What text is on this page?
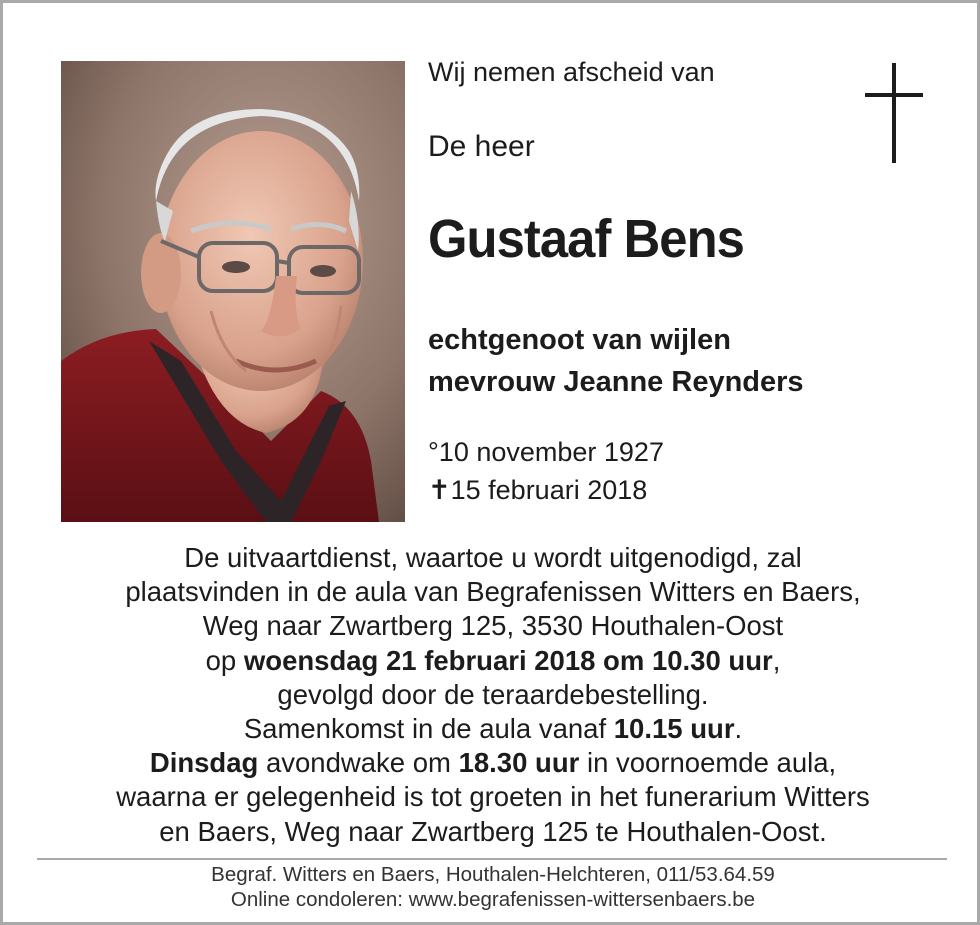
Wij nemen afscheid van
De heer
Gustaaf Bens
echtgenoot van wijlen
mevrouw Jeanne Reynders
°10 november 1927
✝15 februari 2018
De uitvaartdienst, waartoe u wordt uitgenodigd, zal
plaatsvinden in de aula van Begrafenissen Witters en Baers,
Weg naar Zwartberg 125, 3530 Houthalen-Oost
op woensdag 21 februari 2018 om 10.30 uur,
gevolgd door de teraardebestelling.
Samenkomst in de aula vanaf 10.15 uur.
Dinsdag avondwake om 18.30 uur in voornoemde aula,
waarna er gelegenheid is tot groeten in het funerarium Witters
en Baers, Weg naar Zwartberg 125 te Houthalen-Oost.
Begraf. Witters en Baers, Houthalen-Helchteren, 011/53.64.59
Online condoleren: www.begrafenissen-wittersenbaers.be
